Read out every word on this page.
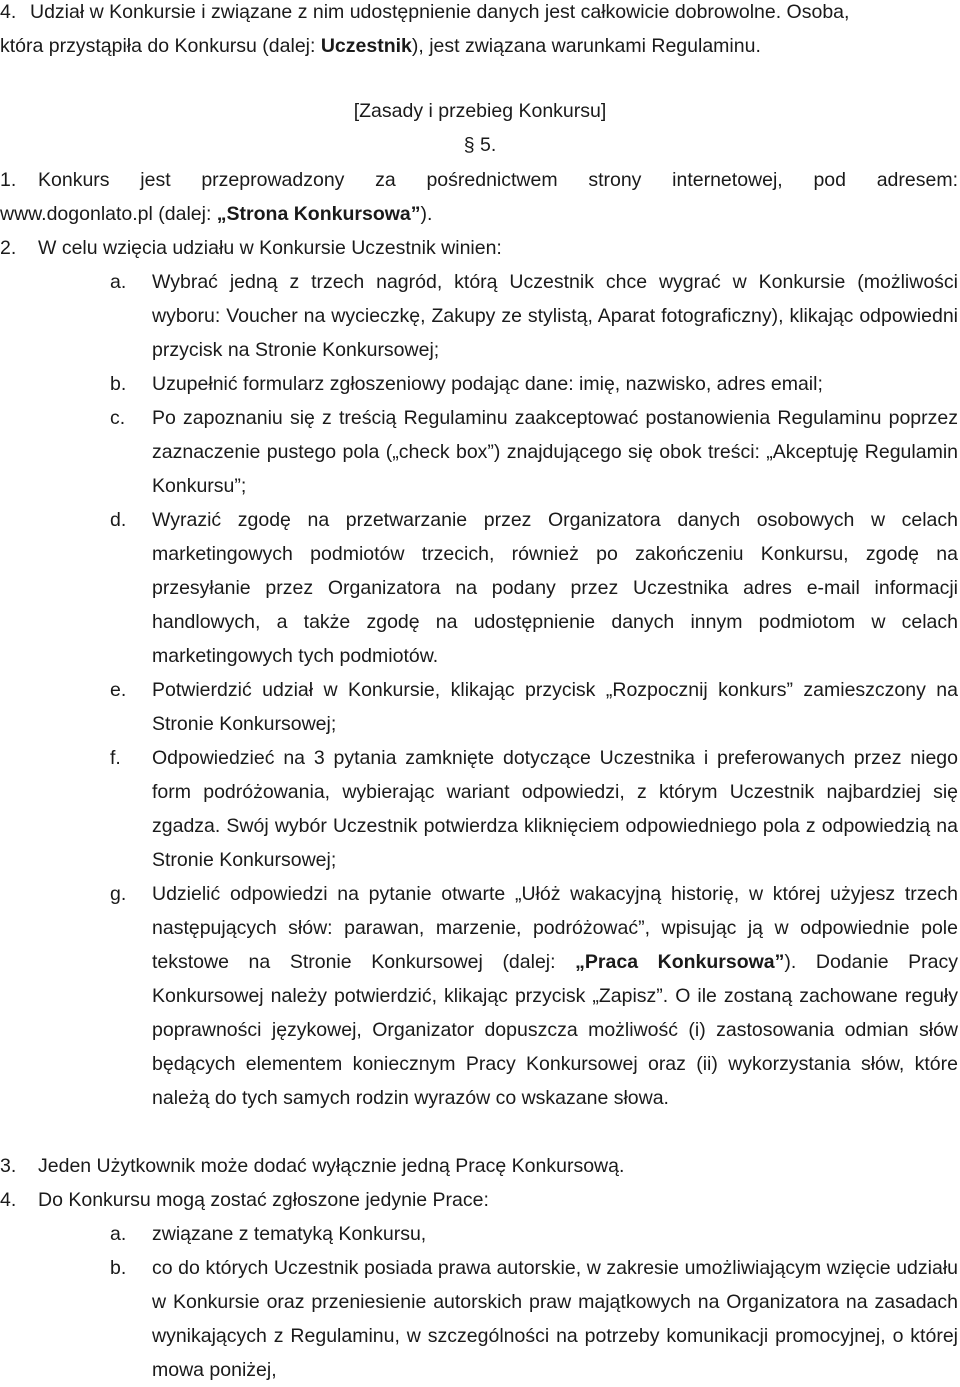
4. Udział w Konkursie i związane z nim udostępnienie danych jest całkowicie dobrowolne. Osoba,

która przystąpiła do Konkursu (dalej: Uczestnik), jest związana warunkami Regulaminu.

[Zasady i przebieg Konkursu]
§ 5.
1. Konkurs jest przeprowadzony za pośrednictwem strony internetowej, pod adresem:

www.dogonlato.pl (dalej: „Strona Konkursowa”).

2. W celu wzięcia udziału w Konkursie Uczestnik winien:

a. Wybrać jedną z trzech nagród, którą Uczestnik chce wygrać w Konkursie (możliwości wyboru: Voucher na wycieczkę, Zakupy ze stylistą, Aparat fotograficzny), klikając odpowiedni przycisk na Stronie Konkursowej;

b. Uzupełnić formularz zgłoszeniowy podając dane: imię, nazwisko, adres email;

c. Po zapoznaniu się z treścią Regulaminu zaakceptować postanowienia Regulaminu poprzez zaznaczenie pustego pola („check box”) znajdującego się obok treści: „Akceptuję Regulamin Konkursu”;

d. Wyrazić zgodę na przetwarzanie przez Organizatora danych osobowych w celach marketingowych podmiotów trzecich, również po zakończeniu Konkursu, zgodę na przesyłanie przez Organizatora na podany przez Uczestnika adres e-mail informacji handlowych, a także zgodę na udostępnienie danych innym podmiotom w celach marketingowych tych podmiotów.

e. Potwierdzić udział w Konkursie, klikając przycisk „Rozpocznij konkurs” zamieszczony na Stronie Konkursowej;

f. Odpowiedzieć na 3 pytania zamknięte dotyczące Uczestnika i preferowanych przez niego form podróżowania, wybierając wariant odpowiedzi, z którym Uczestnik najbardziej się zgadza. Swój wybór Uczestnik potwierdza kliknięciem odpowiedniego pola z odpowiedzią na Stronie Konkursowej;

g. Udzielić odpowiedzi na pytanie otwarte „Ułóż wakacyjną historię, w której użyjesz trzech następujących słów: parawan, marzenie, podróżować”, wpisując ją w odpowiednie pole tekstowe na Stronie Konkursowej (dalej: „Praca Konkursowa”). Dodanie Pracy Konkursowej należy potwierdzić, klikając przycisk „Zapisz”. O ile zostaną zachowane reguły poprawności językowej, Organizator dopuszcza możliwość (i) zastosowania odmian słów będących elementem koniecznym Pracy Konkursowej oraz (ii) wykorzystania słów, które należą do tych samych rodzin wyrazów co wskazane słowa.

3. Jeden Użytkownik może dodać wyłącznie jedną Pracę Konkursową.

4. Do Konkursu mogą zostać zgłoszone jedynie Prace:

a. związane z tematyką Konkursu,

b. co do których Uczestnik posiada prawa autorskie, w zakresie umożliwiającym wzięcie udziału w Konkursie oraz przeniesienie autorskich praw majątkowych na Organizatora na zasadach wynikających z Regulaminu, w szczególności na potrzeby komunikacji promocyjnej, o której mowa poniżej,
